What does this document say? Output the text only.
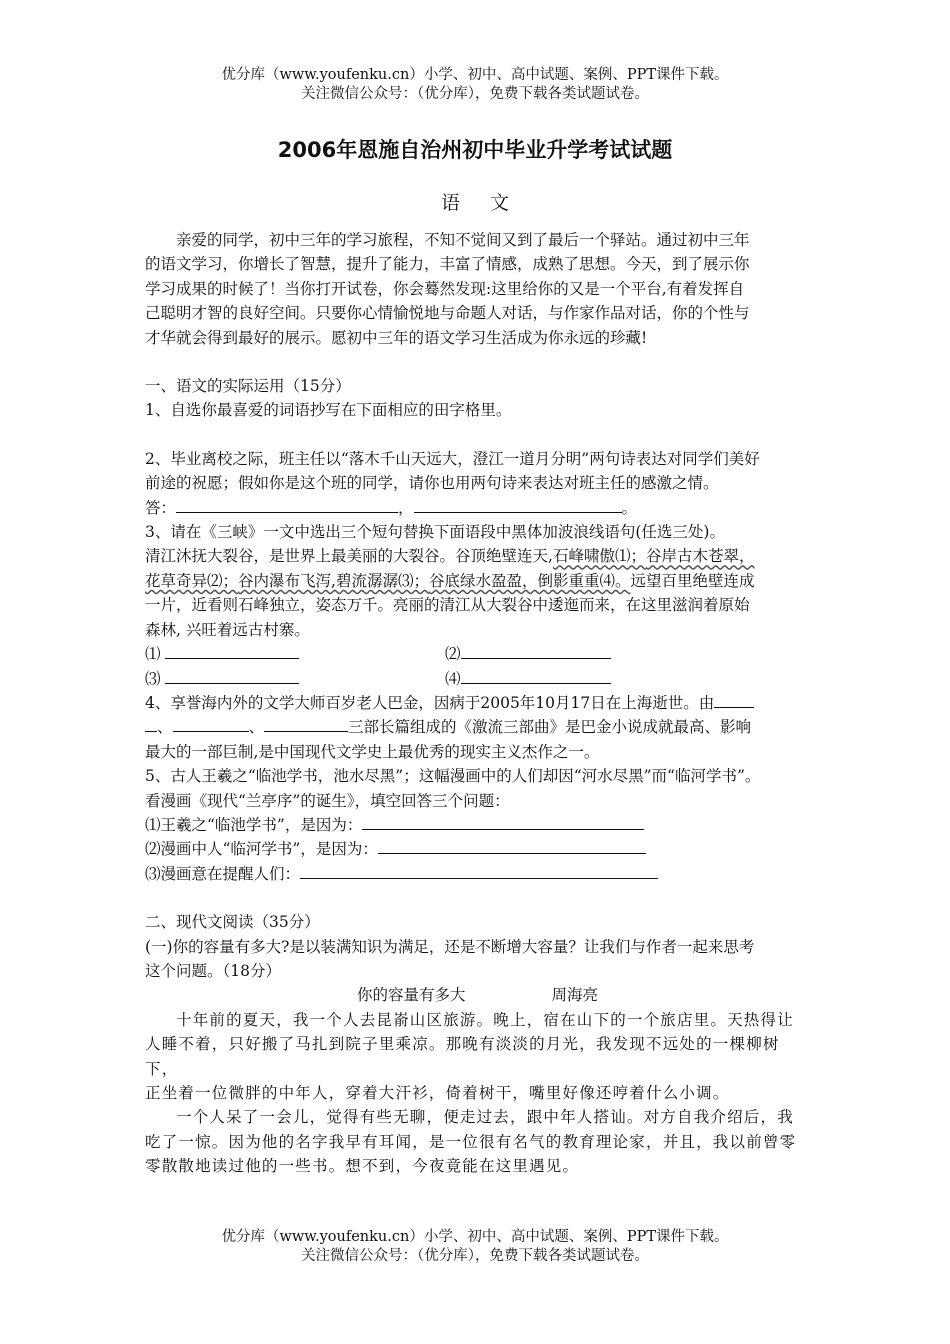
优分库（www.youfenku.cn）小学、初中、高中试题、案例、PPT课件下载。
关注微信公众号：（优分库），免费下载各类试题试卷。
2006年恩施自治州初中毕业升学考试试题
语文

亲爱的同学，初中三年的学习旅程，不知不觉间又到了最后一个驿站。通过初中三年

的语文学习，你增长了智慧，提升了能力，丰富了情感，成熟了思想。今天，到了展示你

学习成果的时候了！当你打开试卷，你会蓦然发现:这里给你的又是一个平台,有着发挥自

己聪明才智的良好空间。只要你心情愉悦地与命题人对话，与作家作品对话，你的个性与

才华就会得到最好的展示。愿初中三年的语文学习生活成为你永远的珍藏!

一、语文的实际运用（15分）

1、自选你最喜爱的词语抄写在下面相应的田字格里。

2、毕业离校之际，班主任以“落木千山天远大，澄江一道月分明”两句诗表达对同学们美好

前途的祝愿；假如你是这个班的同学，请你也用两句诗来表达对班主任的感激之情。

答：	，	。

3、请在《三峡》一文中选出三个短句替换下面语段中黑体加波浪线语句(任选三处)。

清江沐抚大裂谷，是世界上最美丽的大裂谷。谷顶绝壁连天,石峰啸傲⑴；谷岸古木苍翠，

花草奇异⑵；谷内瀑布飞泻,碧流潺潺⑶；谷底绿水盈盈，倒影重重⑷。远望百里绝壁连成

一片，近看则石峰独立，姿态万千。亮丽的清江从大裂谷中逶迤而来，在这里滋润着原始

森林, 兴旺着远古村寨。

⑴	⑵
⑶	⑷

4、享誉海内外的文学大师百岁老人巴金，因病于2005年10月17日在上海逝世。由

、	、	三部长篇组成的《激流三部曲》是巴金小说成就最高、影响

最大的一部巨制,是中国现代文学史上最优秀的现实主义杰作之一。

5、古人王羲之“临池学书，池水尽黑”；这幅漫画中的人们却因“河水尽黑”而“临河学书”。

看漫画《现代“兰亭序”的诞生》，填空回答三个问题：

⑴王羲之“临池学书”，是因为：

⑵漫画中人“临河学书”，是因为：

⑶漫画意在提醒人们：

二、现代文阅读（35分）

(一)你的容量有多大?是以装满知识为满足，还是不断增大容量？让我们与作者一起来思考

这个问题。（18分）

你的容量有多大	周海亮

十年前的夏天，我一个人去昆嵛山区旅游。晚上，宿在山下的一个旅店里。天热得让

人睡不着，只好搬了马扎到院子里乘凉。那晚有淡淡的月光，我发现不远处的一棵柳树下，

正坐着一位微胖的中年人，穿着大汗衫，倚着树干，嘴里好像还哼着什么小调。

一个人呆了一会儿，觉得有些无聊，便走过去，跟中年人搭讪。对方自我介绍后，我

吃了一惊。因为他的名字我早有耳闻，是一位很有名气的教育理论家，并且，我以前曾零

零散散地读过他的一些书。想不到，今夜竟能在这里遇见。

优分库（www.youfenku.cn）小学、初中、高中试题、案例、PPT课件下载。
关注微信公众号：（优分库），免费下载各类试题试卷。
